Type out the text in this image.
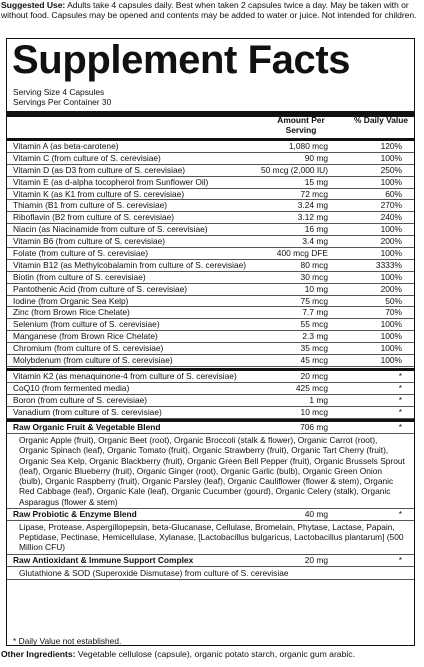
Suggested Use: Adults take 4 capsules daily. Best when taken 2 capsules twice a day. May be taken with or without food. Capsules may be opened and contents may be added to water or juice. Not intended for children.
Supplement Facts
Serving Size 4 Capsules
Servings Per Container 30
Amount Per Serving
% Daily Value
Vitamin A (as beta-carotene)	1,080 mcg	120%
Vitamin C (from culture of S. cerevisiae)	90 mg	100%
Vitamin D (as D3 from culture of S. cerevisiae)	50 mcg (2,000 IU)	250%
Vitamin E (as d-alpha tocopherol from Sunflower Oil)	15 mg	100%
Vitamin K (as K1 from culture of S. cerevisiae)	72 mcg	60%
Thiamin (B1 from culture of S. cerevisiae)	3.24 mg	270%
Riboflavin (B2 from culture of S. cerevisiae)	3.12 mg	240%
Niacin (as Niacinamide from culture of S. cerevisiae)	16 mg	100%
Vitamin B6 (from culture of S. cerevisiae)	3.4 mg	200%
Folate (from culture of S. cerevisiae)	400 mcg DFE	100%
Vitamin B12 (as Methylcobalamin from culture of S. cerevisiae)	80 mcg	3333%
Biotin (from culture of S. cerevisiae)	30 mcg	100%
Pantothenic Acid (from culture of S. cerevisiae)	10 mg	200%
Iodine (from Organic Sea Kelp)	75 mcg	50%
Zinc (from Brown Rice Chelate)	7.7 mg	70%
Selenium (from culture of S. cerevisiae)	55 mcg	100%
Manganese (from Brown Rice Chelate)	2.3 mg	100%
Chromium (from culture of S. cerevisiae)	35 mcg	100%
Molybdenum (from culture of S. cerevisiae)	45 mcg	100%
Vitamin K2 (as menaquinone-4 from culture of S. cerevisiae)	20 mcg	*
CoQ10 (from fermented media)	425 mcg	*
Boron (from culture of S. cerevisiae)	1 mg	*
Vanadium (from culture of S. cerevisiae)	10 mcg	*
Raw Organic Fruit & Vegetable Blend	706 mg	*
Organic Apple (fruit), Organic Beet (root), Organic Broccoli (stalk & flower), Organic Carrot (root), Organic Spinach (leaf), Organic Tomato (fruit), Organic Strawberry (fruit), Organic Tart Cherry (fruit), Organic Sea Kelp, Organic Blackberry (fruit), Organic Green Bell Pepper (fruit), Organic Brussels Sprout (leaf), Organic Blueberry (fruit), Organic Ginger (root), Organic Garlic (bulb), Organic Green Onion (bulb), Organic Raspberry (fruit), Organic Parsley (leaf), Organic Cauliflower (flower & stem), Organic Red Cabbage (leaf), Organic Kale (leaf), Organic Cucumber (gourd), Organic Celery (stalk), Organic Asparagus (flower & stem)
Raw Probiotic & Enzyme Blend	40 mg	*
Lipase, Protease, Aspergillopepsin, beta-Glucanase, Cellulase, Bromelain, Phytase, Lactase, Papain, Peptidase, Pectinase, Hemicellulase, Xylanase, [Lactobacillus bulgaricus, Lactobacillus plantarum] (500 Million CFU)
Raw Antioxidant & Immune Support Complex	20 mg	*
Glutathione & SOD (Superoxide Dismutase) from culture of S. cerevisiae
* Daily Value not established.
Other Ingredients: Vegetable cellulose (capsule), organic potato starch, organic gum arabic.
